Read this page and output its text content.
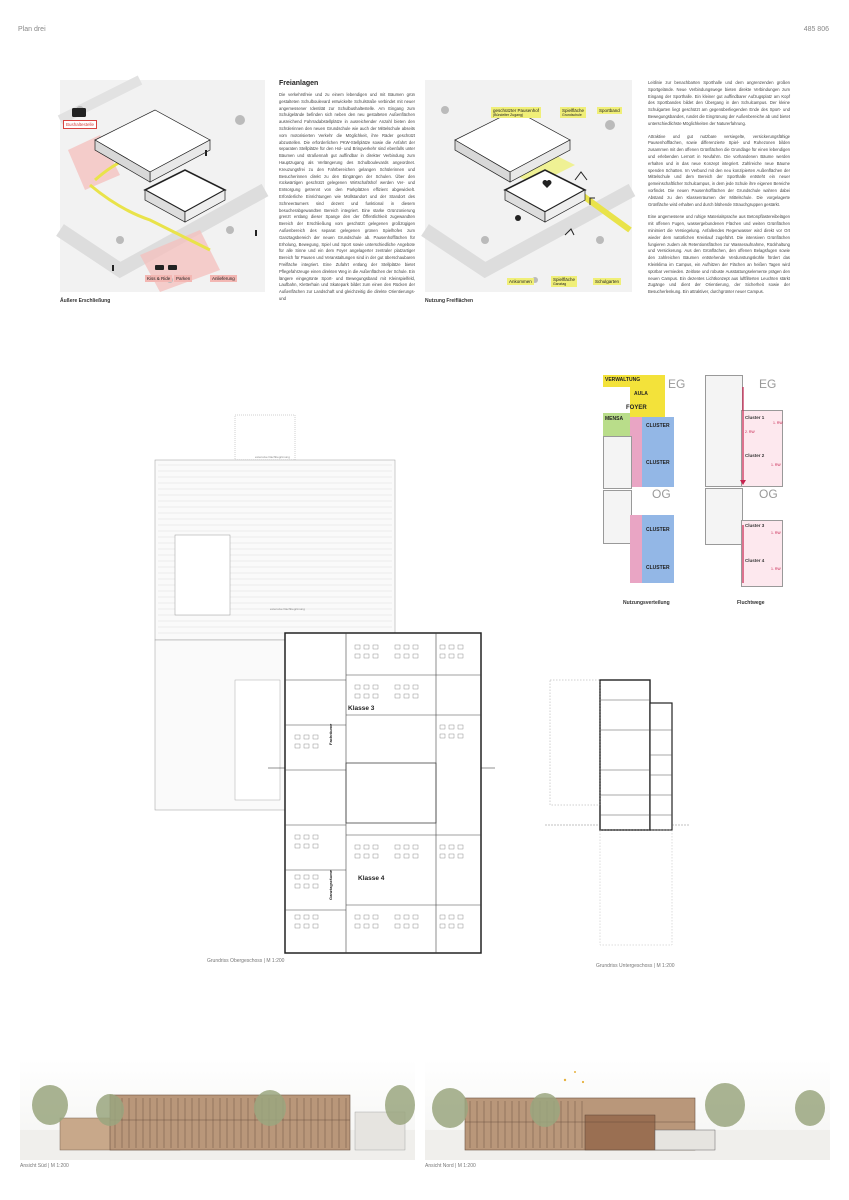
Plan drei	485 806
Bushaltestelle
Kiss & Ride	Parken	Anlieferung
Äußere Erschließung
Freianlagen

Die verkehrsfreie und zu einem lebendigen und mit Bäumen grün gestalteten Schulboulevard entwickelte Schulstraße verbindet mit neuer angemessener Identität zur Schulbushaltestelle. Am Eingang zum Schulgelände befinden sich neben den neu gestalteten Außenflächen ausreichend Fahrradabstellplätze in ausreichender Anzahl bieten den Schülerinnen den neuen Grundschule wie auch der Mittelschule abseits vom motorisierten Verkehr die Möglichkeit, ihre Räder geschützt abzustellen. Die erforderlichen PKW-Stellplätze sowie die Anfahrt der separaten Stellplätze für den Hol- und Bringverkehr sind ebenfalls unter Bäumen und straßennah gut auffindbar in direkter Verbindung zum Hauptzugang als Verlängerung des Schulboulevards angeordnet. Kreuzungsfrei zu den Fahrbereichen gelangen Schülerinnen und Besucherinnen direkt zu den Eingängen der Schulen. Über den rückwärtigen geschützt gelegenen Wirtschaftshof werden Ver- und Entsorgung getrennt von den Parkplätzen effizient abgewickelt. Erforderliche Einrichtungen wie Müllstandort und der Standort des Schneeräumers sind dezent und funktional in diesem besucherabgewandten Bereich integriert. Eine starke Grünzonierung grenzt entlang dieser Spange den der Öffentlichkeit zugewandten Bereich der Erschließung vom geschützt gelegenen großzügigen Außenbereich des separat gelegenen grünen Spielhofes zum Ganztagsbereich der neuen Grundschule ab. Pausenhofflächen für Erholung, Bewegung, Spiel und Sport sowie unterschiedliche Angebote für alle Sinne und ein dem Foyer angelagerter zentraler platzartiger Bereich für Pausen und Veranstaltungen sind in der gut überschaubaren Freifläche integriert. Eine Zufahrt entlang der Stellplätze bietet Pflegefahrzeuge einen direkten Weg in die Außenflächen der Schule. Ein längere eingegrünte Sport- und Bewegungsband mit Kleinspielfeld, Laufbahn, Kletterhain und Skatepark bildet zum einen den Rücken der Außenflächen zur Landschaft und gleichzeitig die direkte Orientierungs- und

geschützter Pausenhof
(Bündelter Zugang)
Spielfläche
Grundschule
Sportband
Ankommen	Spielfläche
Ganztag	Schulgarten
Nutzung Freiflächen

Leitlinie zur benachbarten Sporthalle und dem angrenzenden großen Sportgelände. Neue Verbindungswege bieten direkte Verbindungen zum Eingang der Sporthalle. Ein kleiner gut auffindbarer Aufzugsplatz am Kopf des Sportbandes bildet den Übergang in den Schulcampus. Der kleine Schulgarten liegt geschützt am gegenüberliegenden Ende des Sport- und Bewegungsbandes, rundet die Eingrünung der Außenbereiche ab und bietet unterschiedlichste Möglichkeiten der Naturerfahrung.

Attraktive und gut nutzbare versiegelte, versickerungsfähige Pausenhofflächen, sowie differenzierte Spiel- und Ruhezonen bilden zusammen mit den offenen Grünflächen die Grundlage für einen lebendigen und erlebenden Lernort in Neufahrn. Die vorhandenen Bäume werden erhalten und in das neue Konzept integriert. Zahlreiche neue Bäume spenden Schatten. Im Verbund mit den neu konzipierten Außenflächen der Mittelschule und dem Bereich der Sporthalle entsteht ein neuer gemeinschaftlicher Schulcampus, in dem jede Schule ihre eigenen Bereiche vorfindet. Die neuen Pausenhofflächen der Grundschule wahren dabei Abstand zu den Klassenräumen der Mittelschule. Die vorgelagerte Grünfläche wird erhalten und durch blühende Strauchgruppen gestärkt.

Eine angemessene und ruhige Materialsprache aus Betonpflastereibelägen mit offenen Fugen, wassergebundenen Flächen und weiten Grünflächen minimiert die Versiegelung. Anfallendes Regenwasser wird direkt vor Ort wieder dem natürlichen Kreislauf zugeführt. Die intensiven Grünflächen fungieren zudem als Retentionsflächen zur Wasseraufnahme, Rückhaltung und Versickerung. Aus den Grünflächen, den offenen Belagsfugen sowie den zahlreichen Bäumen entstehende Verdunstungskühle fördert das Kleinklima im Campus, ein Aufhitzen der Flächen an heißen Tagen wird spürbar vermieden. Zeitlose und robuste Ausstattungselemente prägen den neuen Campus. Ein dezentes Lichtkonzept aus luftfilterten Leuchten stärkt Zugänge und dient der Orientierung, der Sicherheit sowie der Besucherlenkung. Ein attraktiver, durchgrünter neuer Campus.

VERWALTUNG
AULA
FOYER
MENSA
CLUSTER
CLUSTER
EG
CLUSTER
CLUSTER
OG
Nutzungsverteilung
Cluster 1
Cluster 2
1. RW
2. RW
1. RW
EG
Cluster 3
Cluster 4
1. RW
1. RW
OG
Fluchtwege
Klasse 3
Klasse 4
Fachräume
Ganztagsräume
extensive Dachbegrünung
extensive Dachbegrünung
Grundriss Obergeschoss | M 1:200
Grundriss Untergeschoss | M 1:200
Ansicht Süd | M 1:200	Ansicht Nord | M 1:200
